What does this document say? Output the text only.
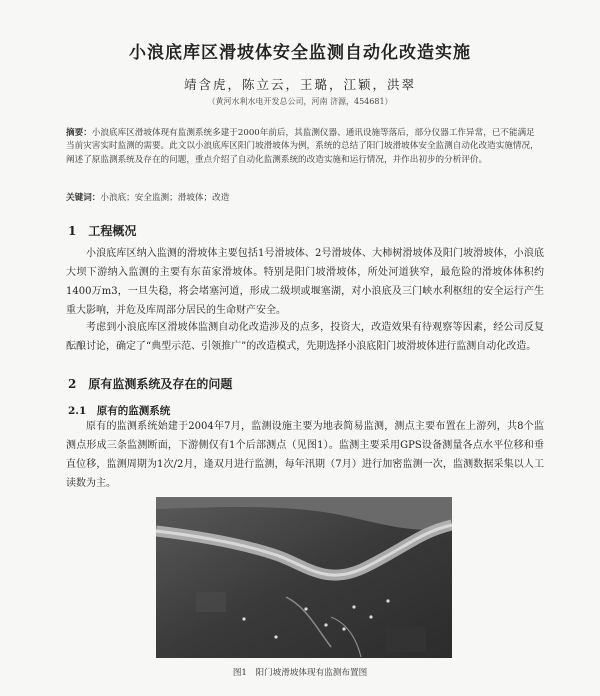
小浪底库区滑坡体安全监测自动化改造实施
靖含虎，陈立云，王璐，江颖，洪翠
（黄河水利水电开发总公司，河南 济源，454681）
摘要：小浪底库区滑坡体现有监测系统多建于2000年前后，其监测仪器、通讯设施等落后，部分仪器工作异常，已不能满足当前灾害实时监测的需要。此文以小浪底库区阳门坡滑坡体为例，系统的总结了阳门坡滑坡体安全监测自动化改造实施情况，阐述了原监测系统及存在的问题，重点介绍了自动化监测系统的改造实施和运行情况，并作出初步的分析评价。
关键词：小浪底；安全监测；滑坡体；改造
1　工程概况
小浪底库区纳入监测的滑坡体主要包括1号滑坡体、2号滑坡体、大柿树滑坡体及阳门坡滑坡体，小浪底大坝下游纳入监测的主要有东苗家滑坡体。特别是阳门坡滑坡体，所处河道狭窄，最危险的滑坡体体积约1400万m3，一旦失稳，将会堵塞河道，形成二级坝或堰塞湖，对小浪底及三门峡水利枢纽的安全运行产生重大影响，并危及库周部分居民的生命财产安全。
考虑到小浪底库区滑坡体监测自动化改造涉及的点多，投资大，改造效果有待观察等因素，经公司反复酝酿讨论，确定了“典型示范、引领推广”的改造模式，先期选择小浪底阳门坡滑坡体进行监测自动化改造。
2　原有监测系统及存在的问题
2.1　原有的监测系统
原有的监测系统始建于2004年7月，监测设施主要为地表简易监测，测点主要布置在上游列，共8个监测点形成三条监测断面，下游侧仅有1个后部测点（见图1）。监测主要采用GPS设备测量各点水平位移和垂直位移，监测周期为1次/2月，逢双月进行监测，每年汛期（7月）进行加密监测一次，监测数据采集以人工读数为主。
图1　阳门坡滑坡体现有监测布置图
